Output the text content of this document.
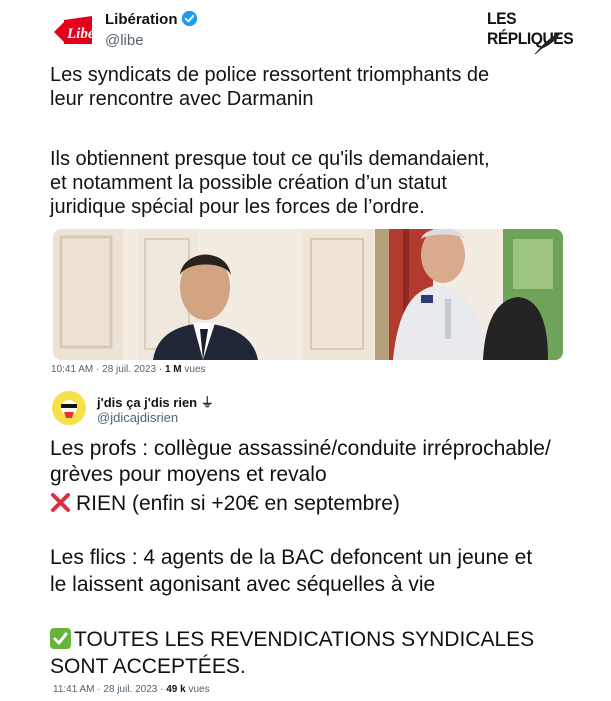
Libé
Libération
@libe
LES RÉPLIQUES
Les syndicats de police ressortent triomphants de
leur rencontre avec Darmanin
Ils obtiennent presque tout ce qu'ils demandaient,
et notamment la possible création d’un statut
juridique spécial pour les forces de l’ordre.
10:41 AM · 28 juil. 2023 · 1 M vues
j'dis ça j'dis rien ⏚
@jdicajdisrien
Les profs : collègue assassiné/conduite irréprochable/
grèves pour moyens et revalo
RIEN (enfin si +20€ en septembre)
Les flics : 4 agents de la BAC defoncent un jeune et
le laissent agonisant avec séquelles à vie
TOUTES LES REVENDICATIONS SYNDICALES
SONT ACCEPTÉES.
11:41 AM · 28 juil. 2023 · 49 k vues
